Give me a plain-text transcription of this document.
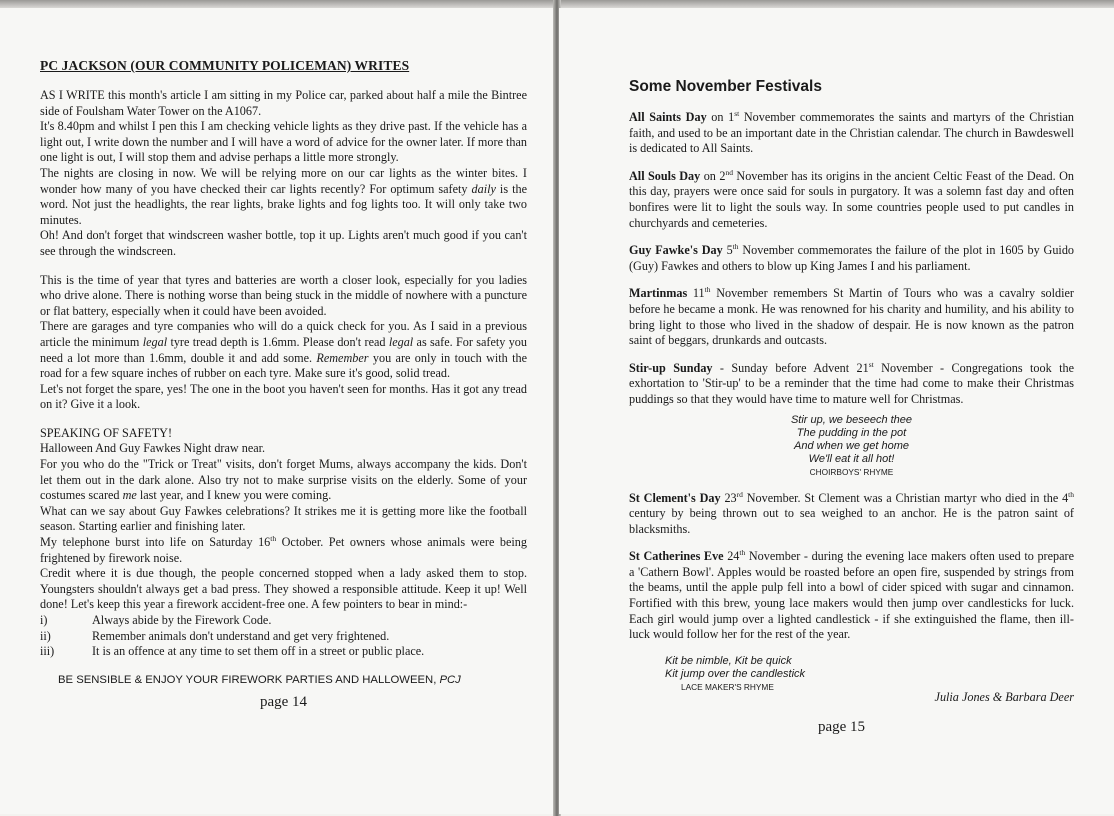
PC JACKSON (OUR COMMUNITY POLICEMAN) WRITES

AS I WRITE this month's article I am sitting in my Police car, parked about half a mile the Bintree side of Foulsham Water Tower on the A1067.

It's 8.40pm and whilst I pen this I am checking vehicle lights as they drive past. If the vehicle has a light out, I write down the number and I will have a word of advice for the owner later. If more than one light is out, I will stop them and advise perhaps a little more strongly.

The nights are closing in now. We will be relying more on our car lights as the winter bites. I wonder how many of you have checked their car lights recently? For optimum safety daily is the word. Not just the headlights, the rear lights, brake lights and fog lights too. It will only take two minutes.

Oh! And don't forget that windscreen washer bottle, top it up. Lights aren't much good if you can't see through the windscreen.

This is the time of year that tyres and batteries are worth a closer look, especially for you ladies who drive alone. There is nothing worse than being stuck in the middle of nowhere with a puncture or flat battery, especially when it could have been avoided.

There are garages and tyre companies who will do a quick check for you. As I said in a previous article the minimum legal tyre tread depth is 1.6mm. Please don't read legal as safe. For safety you need a lot more than 1.6mm, double it and add some. Remember you are only in touch with the road for a few square inches of rubber on each tyre. Make sure it's good, solid tread.

Let's not forget the spare, yes! The one in the boot you haven't seen for months. Has it got any tread on it? Give it a look.

SPEAKING OF SAFETY!

Halloween And Guy Fawkes Night draw near.

For you who do the "Trick or Treat" visits, don't forget Mums, always accompany the kids. Don't let them out in the dark alone. Also try not to make surprise visits on the elderly. Some of your costumes scared me last year, and I knew you were coming.

What can we say about Guy Fawkes celebrations? It strikes me it is getting more like the football season. Starting earlier and finishing later.

My telephone burst into life on Saturday 16th October. Pet owners whose animals were being frightened by firework noise.

Credit where it is due though, the people concerned stopped when a lady asked them to stop. Youngsters shouldn't always get a bad press. They showed a responsible attitude. Keep it up! Well done! Let's keep this year a firework accident-free one. A few pointers to bear in mind:-

i)	Always abide by the Firework Code.
ii)	Remember animals don't understand and get very frightened.
iii)	It is an offence at any time to set them off in a street or public place.
BE SENSIBLE & ENJOY YOUR FIREWORK PARTIES AND HALLOWEEN, PCJ
page 14
Some November Festivals

All Saints Day on 1st November commemorates the saints and martyrs of the Christian faith, and used to be an important date in the Christian calendar. The church in Bawdeswell is dedicated to All Saints.

All Souls Day on 2nd November has its origins in the ancient Celtic Feast of the Dead. On this day, prayers were once said for souls in purgatory. It was a solemn fast day and often bonfires were lit to light the souls way. In some countries people used to put candles in churchyards and cemeteries.

Guy Fawke's Day 5th November commemorates the failure of the plot in 1605 by Guido (Guy) Fawkes and others to blow up King James I and his parliament.

Martinmas 11th November remembers St Martin of Tours who was a cavalry soldier before he became a monk. He was renowned for his charity and humility, and his ability to bring light to those who lived in the shadow of despair. He is now known as the patron saint of beggars, drunkards and outcasts.

Stir-up Sunday - Sunday before Advent 21st November - Congregations took the exhortation to 'Stir-up' to be a reminder that the time had come to make their Christmas puddings so that they would have time to mature well for Christmas.

Stir up, we beseech thee
The pudding in the pot
And when we get home
We'll eat it all hot!
CHOIRBOYS' RHYME

St Clement's Day 23rd November. St Clement was a Christian martyr who died in the 4th century by being thrown out to sea weighed to an anchor. He is the patron saint of blacksmiths.

St Catherines Eve 24th November - during the evening lace makers often used to prepare a 'Cathern Bowl'. Apples would be roasted before an open fire, suspended by strings from the beams, until the apple pulp fell into a bowl of cider spiced with sugar and cinnamon. Fortified with this brew, young lace makers would then jump over candlesticks for luck. Each girl would jump over a lighted candlestick - if she extinguished the flame, then ill-luck would follow her for the rest of the year.

Kit be nimble, Kit be quick
Kit jump over the candlestick
LACE MAKER'S RHYME
Julia Jones & Barbara Deer
page 15
